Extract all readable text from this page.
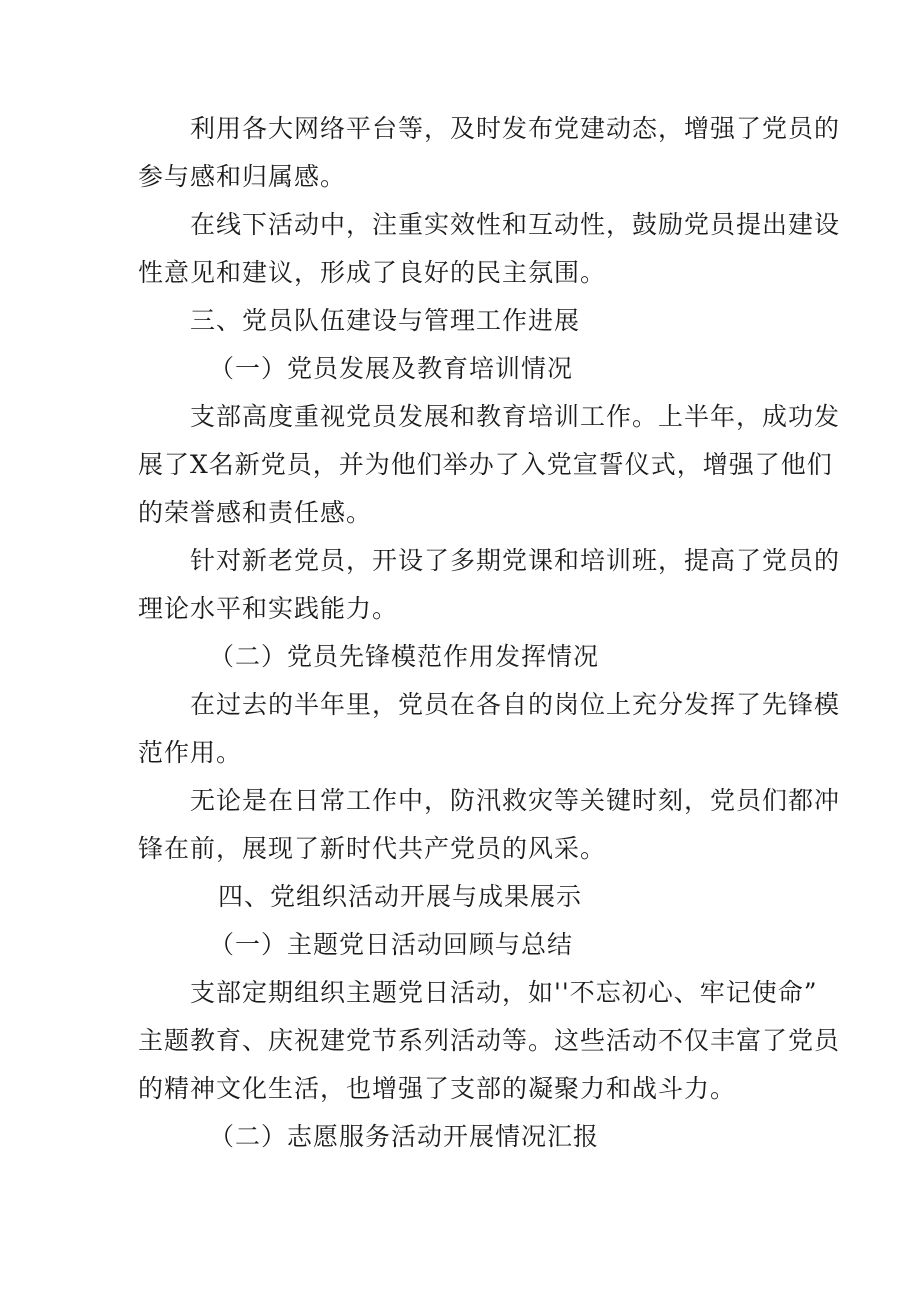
利用各大网络平台等，及时发布党建动态，增强了党员的
参与感和归属感。
在线下活动中，注重实效性和互动性，鼓励党员提出建设
性意见和建议，形成了良好的民主氛围。
三、党员队伍建设与管理工作进展
（一）党员发展及教育培训情况
支部高度重视党员发展和教育培训工作。上半年，成功发
展了X名新党员，并为他们举办了入党宣誓仪式，增强了他们
的荣誉感和责任感。
针对新老党员，开设了多期党课和培训班，提高了党员的
理论水平和实践能力。
（二）党员先锋模范作用发挥情况
在过去的半年里，党员在各自的岗位上充分发挥了先锋模
范作用。
无论是在日常工作中，防汛救灾等关键时刻，党员们都冲
锋在前，展现了新时代共产党员的风采。
四、党组织活动开展与成果展示
（一）主题党日活动回顾与总结
支部定期组织主题党日活动，如''不忘初心、牢记使命”
主题教育、庆祝建党节系列活动等。这些活动不仅丰富了党员
的精神文化生活，也增强了支部的凝聚力和战斗力。
（二）志愿服务活动开展情况汇报
